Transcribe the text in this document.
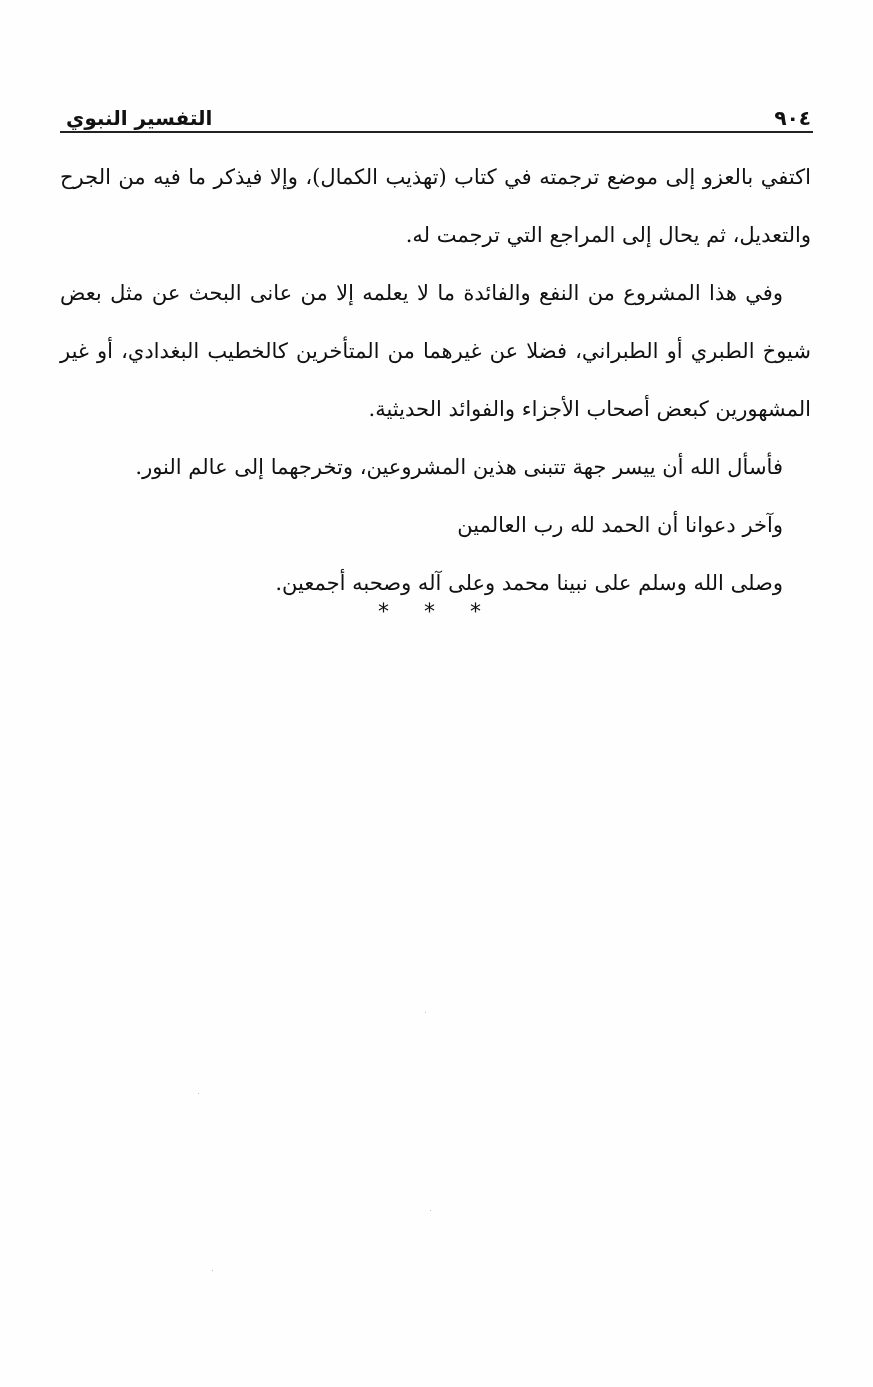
٩٠٤
التفسير النبوي

اكتفي بالعزو إلى موضع ترجمته في كتاب (تهذيب الكمال)، وإلا فيذكر ما فيه من الجرح والتعديل، ثم يحال إلى المراجع التي ترجمت له.

وفي هذا المشروع من النفع والفائدة ما لا يعلمه إلا من عانى البحث عن مثل بعض شيوخ الطبري أو الطبراني، فضلا عن غيرهما من المتأخرين كالخطيب البغدادي، أو غير المشهورين كبعض أصحاب الأجزاء والفوائد الحديثية.

فأسأل الله أن ييسر جهة تتبنى هذين المشروعين، وتخرجهما إلى عالم النور.

وآخر دعوانا أن الحمد لله رب العالمين

وصلى الله وسلم على نبينا محمد وعلى آله وصحبه أجمعين.

* * *
